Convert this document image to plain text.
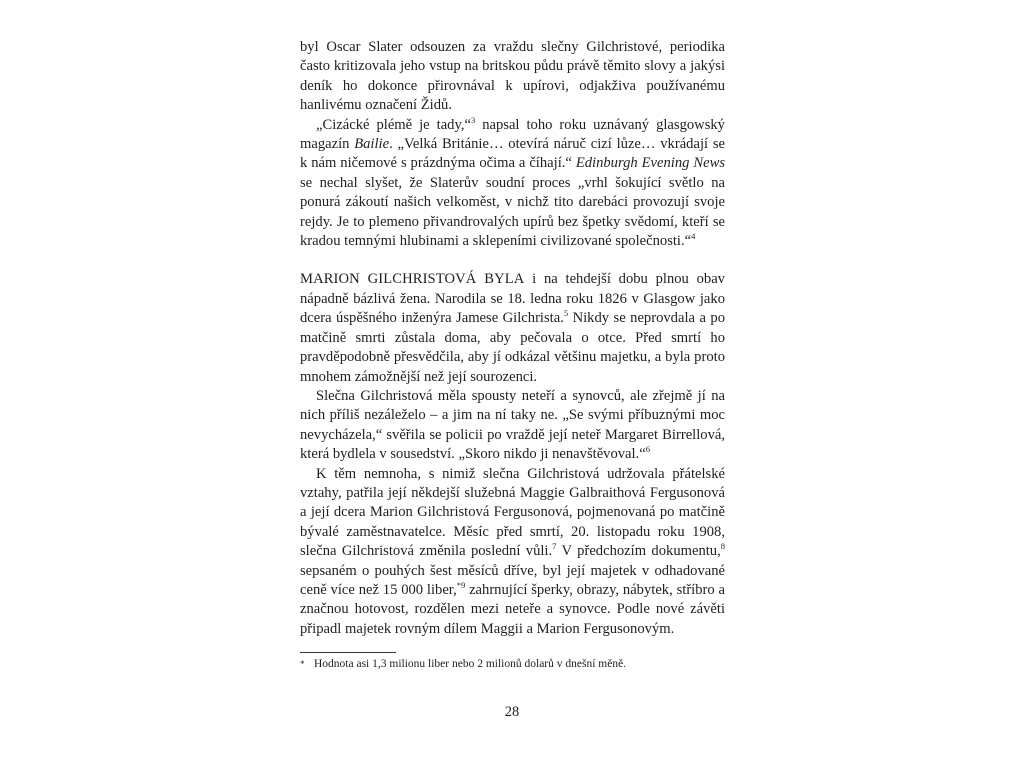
byl Oscar Slater odsouzen za vraždu slečny Gilchristové, periodika často kritizovala jeho vstup na britskou půdu právě těmito slovy a jakýsi deník ho dokonce přirovnával k upírovi, odjakživa používanému hanlivému označení Židů.

„Cizácké plémě je tady,“$^3$ napsal toho roku uznávaný glasgowský magazín Bailie. „Velká Británie… otevírá náruč cizí lůze… vkrádají se k nám ničemové s prázdnýma očima a číhají.“ Edinburgh Evening News se nechal slyšet, že Slaterův soudní proces „vrhl šokující světlo na ponurá zákoutí našich velkoměst, v nichž tito darebáci provozují svoje rejdy. Je to plemeno přivandrovalých upírů bez špetky svědomí, kteří se kradou temnými hlubinami a sklepeními civilizované společnosti.“$^4$

MARION GILCHRISTOVÁ BYLA i na tehdejší dobu plnou obav nápadně bázlivá žena. Narodila se 18. ledna roku 1826 v Glasgow jako dcera úspěšného inženýra Jamese Gilchrista.$^5$ Nikdy se neprovdala a po matčině smrti zůstala doma, aby pečovala o otce. Před smrtí ho pravděpodobně přesvědčila, aby jí odkázal většinu majetku, a byla proto mnohem zámožnější než její sourozenci.

Slečna Gilchristová měla spousty neteří a synovců, ale zřejmě jí na nich příliš nezáleželo – a jim na ní taky ne. „Se svými příbuznými moc nevycházela,“ svěřila se policii po vraždě její neteř Margaret Birrellová, která bydlela v sousedství. „Skoro nikdo ji nenavštěvoval.“$^6$

K těm nemnoha, s nimiž slečna Gilchristová udržovala přátelské vztahy, patřila její někdejší služebná Maggie Galbraithová Fergusonová a její dcera Marion Gilchristová Fergusonová, pojmenovaná po matčině bývalé zaměstnavatelce. Měsíc před smrtí, 20. listopadu roku 1908, slečna Gilchristová změnila poslední vůli.$^7$ V předchozím dokumentu,$^8$ sepsaném o pouhých šest měsíců dříve, byl její majetek v odhadované ceně více než 15 000 liber,$^{*9}$ zahrnující šperky, obrazy, nábytek, stříbro a značnou hotovost, rozdělen mezi neteře a synovce. Podle nové závěti připadl majetek rovným dílem Maggii a Marion Fergusonovým.

* Hodnota asi 1,3 milionu liber nebo 2 milionů dolarů v dnešní měně.
28
